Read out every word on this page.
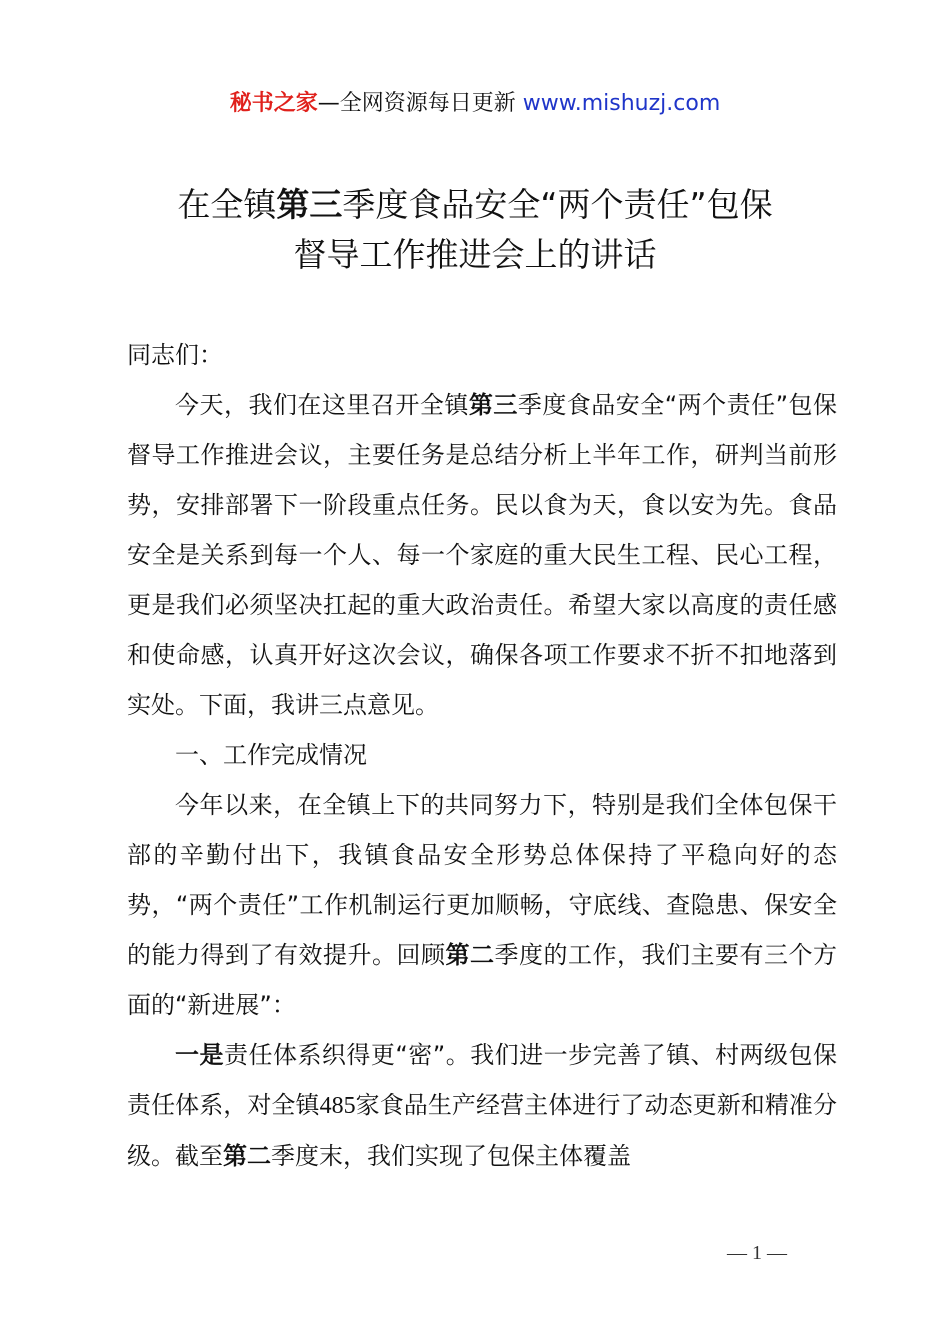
秘书之家—全网资源每日更新 www.mishuzj.com
在全镇第三季度食品安全“两个责任”包保
督导工作推进会上的讲话

同志们：

今天，我们在这里召开全镇第三季度食品安全“两个责任”包保督导工作推进会议，主要任务是总结分析上半年工作，研判当前形势，安排部署下一阶段重点任务。民以食为天，食以安为先。食品安全是关系到每一个人、每一个家庭的重大民生工程、民心工程，更是我们必须坚决扛起的重大政治责任。希望大家以高度的责任感和使命感，认真开好这次会议，确保各项工作要求不折不扣地落到实处。下面，我讲三点意见。

一、工作完成情况

今年以来，在全镇上下的共同努力下，特别是我们全体包保干部的辛勤付出下，我镇食品安全形势总体保持了平稳向好的态势，“两个责任”工作机制运行更加顺畅，守底线、查隐患、保安全的能力得到了有效提升。回顾第二季度的工作，我们主要有三个方面的“新进展”：

一是责任体系织得更“密”。我们进一步完善了镇、村两级包保责任体系，对全镇485家食品生产经营主体进行了动态更新和精准分级。截至第二季度末，我们实现了包保主体覆盖

— 1 —
